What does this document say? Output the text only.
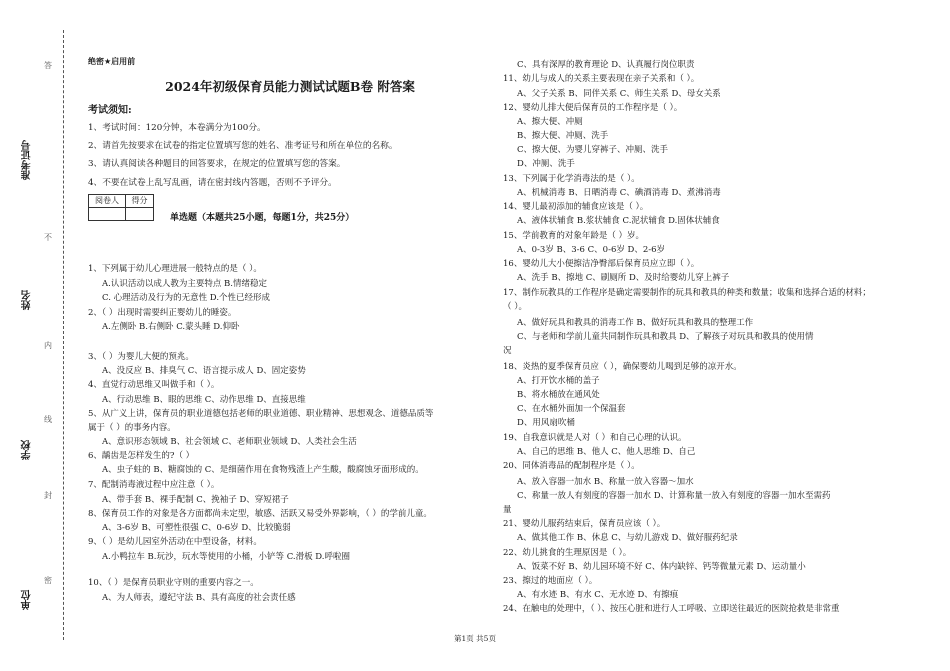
准考证号
姓名
学校
单位
答
不
内
线
封
密
绝密★启用前
2024年初级保育员能力测试试题B卷 附答案
考试须知:
1、考试时间：120分钟，本卷满分为100分。
2、请首先按要求在试卷的指定位置填写您的姓名、准考证号和所在单位的名称。
3、请认真阅读各种题目的回答要求，在规定的位置填写您的答案。
4、不要在试卷上乱写乱画，请在密封线内答题，否则不予评分。
阅卷人	得分
单选题（本题共25小题，每题1分，共25分）
1、下列属于幼儿心理进展一般特点的是（ ）。
A.认识活动以成人教为主要特点 B.情绪稳定
C. 心理活动及行为的无意性 D.个性已经形成
2、（ ）出现时需要纠正婴幼儿的睡姿。
A.左侧卧 B.右侧卧 C.蒙头睡 D.仰卧
3、（ ）为婴儿大便的预兆。
A、没反应 B、排臭气 C、语言提示成人 D、固定姿势
4、直觉行动思维又叫做手和（ ）。
A、行动思维 B、眼的思维 C、动作思维 D、直接思维
5、从广义上讲，保育员的职业道德包括老师的职业道德、职业精神、思想观念、道德品质等
属于（ ）的事务内容。
A、意识形态领域 B、社会领域 C、老师职业领域 D、人类社会生活
6、龋齿是怎样发生的?（ ）
A、虫子蛀的 B、糖腐蚀的 C、是细菌作用在食物残渣上产生酸，酸腐蚀牙面形成的。
7、配制消毒液过程中应注意（ ）。
A、带手套 B、裸手配制 C、挽袖子 D、穿短裙子
8、保育员工作的对象是各方面都尚未定型，敏感、活跃又易受外界影响，（ ）的学前儿童。
A、3-6岁 B、可塑性很强 C、0-6岁 D、比较脆弱
9、（ ）是幼儿园室外活动在中型设备，材料。
A.小鸭拉车 B.玩沙，玩水等使用的小桶，小铲等 C.滑板 D.呼啦圈
10、（ ）是保育员职业守则的重要内容之一。
A、为人师表，遵纪守法 B、具有高度的社会责任感
C、具有深厚的教育理论 D、认真履行岗位职责
11、幼儿与成人的关系主要表现在亲子关系和（ ）。
A、父子关系 B、同伴关系 C、师生关系 D、母女关系
12、婴幼儿排大便后保育员的工作程序是（ ）。
A、擦大便、冲厕
B、擦大便、冲厕、洗手
C、擦大便、为婴儿穿裤子、冲厕、洗手
D、冲厕、洗手
13、下列属于化学消毒法的是（ ）。
A、机械消毒 B、日晒消毒 C、碘酒消毒 D、煮沸消毒
14、婴儿最初添加的辅食应该是（ ）。
A、液体状辅食 B.浆状辅食 C.泥状辅食 D.固体状辅食
15、学前教育的对象年龄是（ ）岁。
A、0-3岁 B、3-6 C、0-6岁 D、2-6岁
16、婴幼儿大小便擦洁净臀部后保育员应立即（ ）。
A、洗手 B、擦地 C、刷厕所 D、及时给婴幼儿穿上裤子
17、制作玩教具的工作程序是确定需要制作的玩具和教具的种类和数量；收集和选择合适的材料；
（ ）。
A、做好玩具和教具的消毒工作 B、做好玩具和教具的整理工作
C、与老师和学前儿童共同制作玩具和教具 D、了解孩子对玩具和教具的使用情
况
18、炎热的夏季保育员应（ ），确保婴幼儿喝到足够的凉开水。
A、打开饮水桶的盖子
B、将水桶放在通风处
C、在水桶外面加一个保温套
D、用风扇吹桶
19、自我意识就是人对（ ）和自己心理的认识。
A、自己的思维 B、他人 C、他人思维 D、自己
20、同体消毒品的配制程序是（ ）。
A、放入容器一加水 B、称量一放入容器～加水
C、称量一放人有刻度的容器一加水 D、计算称量一放入有刻度的容器一加水至需药
量
21、婴幼儿服药结束后，保育员应该（ ）。
A、做其他工作 B、休息 C、与幼儿游戏 D、做好服药纪录
22、幼儿挑食的生理原因是（ ）。
A、饭菜不好 B、幼儿园环境不好 C、体内缺锌、钙等微量元素 D、运动量小
23、擦过的地面应（ ）。
A、有水迹 B、有水 C、无水迹 D、有擦痕
24、在触电的处理中，（ ）、按压心脏和进行人工呼吸、立即送往最近的医院抢救是非常重
第1页 共5页
